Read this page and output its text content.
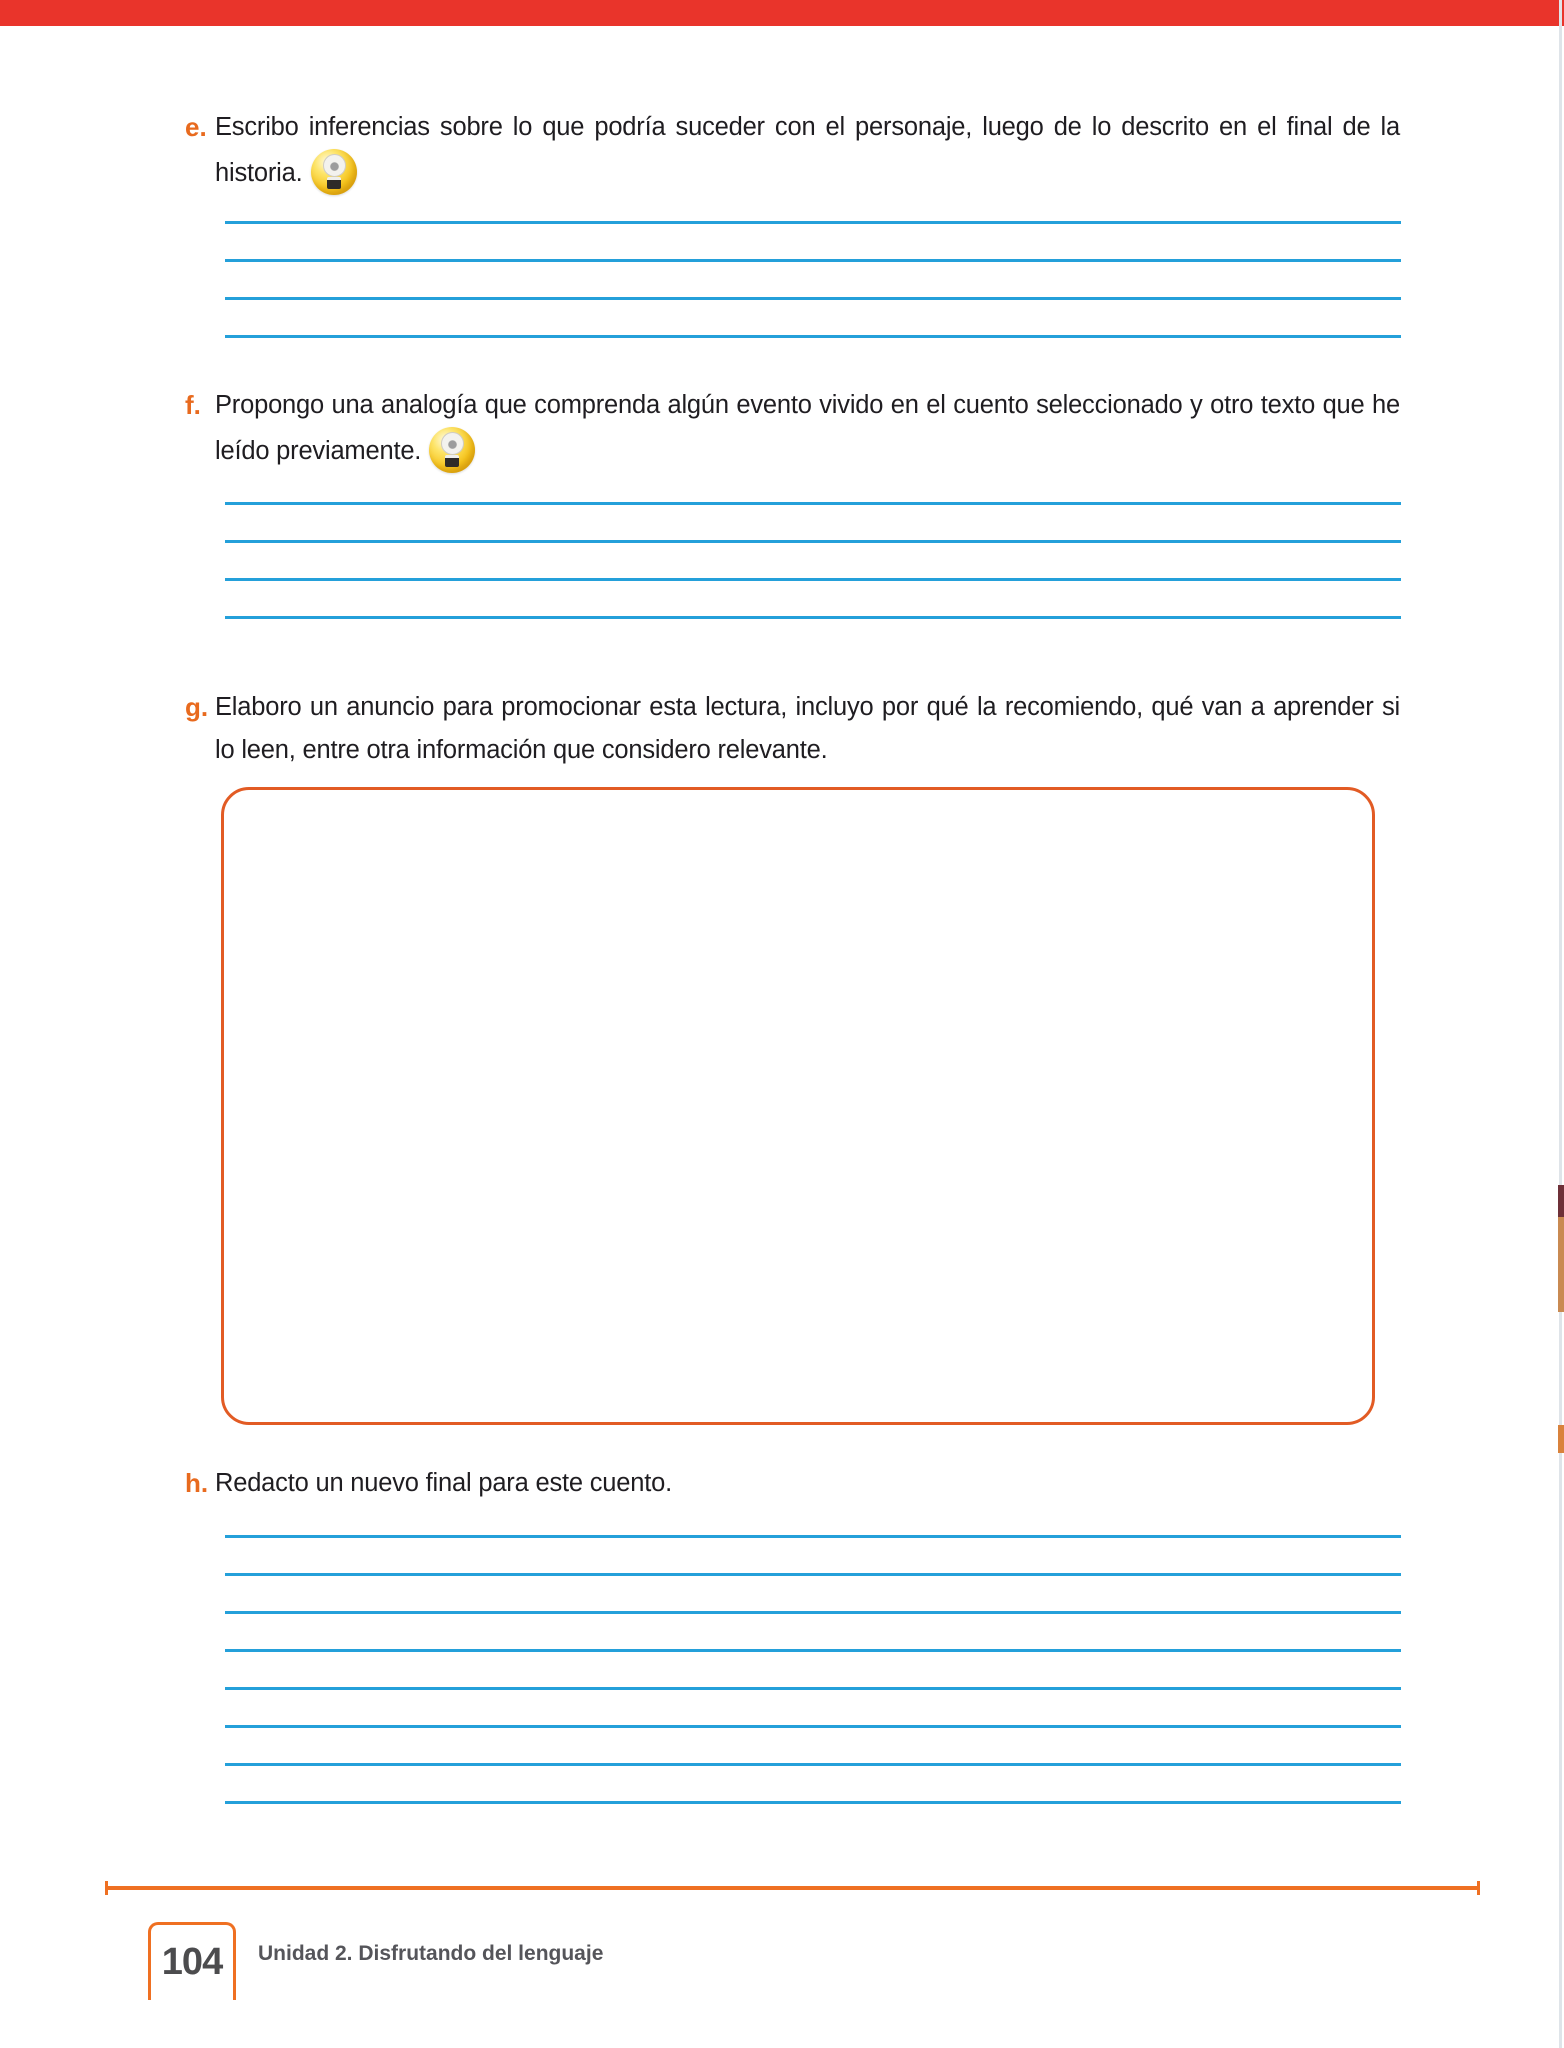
e. Escribo inferencias sobre lo que podría suceder con el personaje, luego de lo descrito en el final de la historia.

f. Propongo una analogía que comprenda algún evento vivido en el cuento seleccionado y otro texto que he leído previamente.

g. Elaboro un anuncio para promocionar esta lectura, incluyo por qué la recomiendo, qué van a aprender si lo leen, entre otra información que considero relevante.

h. Redacto un nuevo final para este cuento.

104 Unidad 2. Disfrutando del lenguaje
